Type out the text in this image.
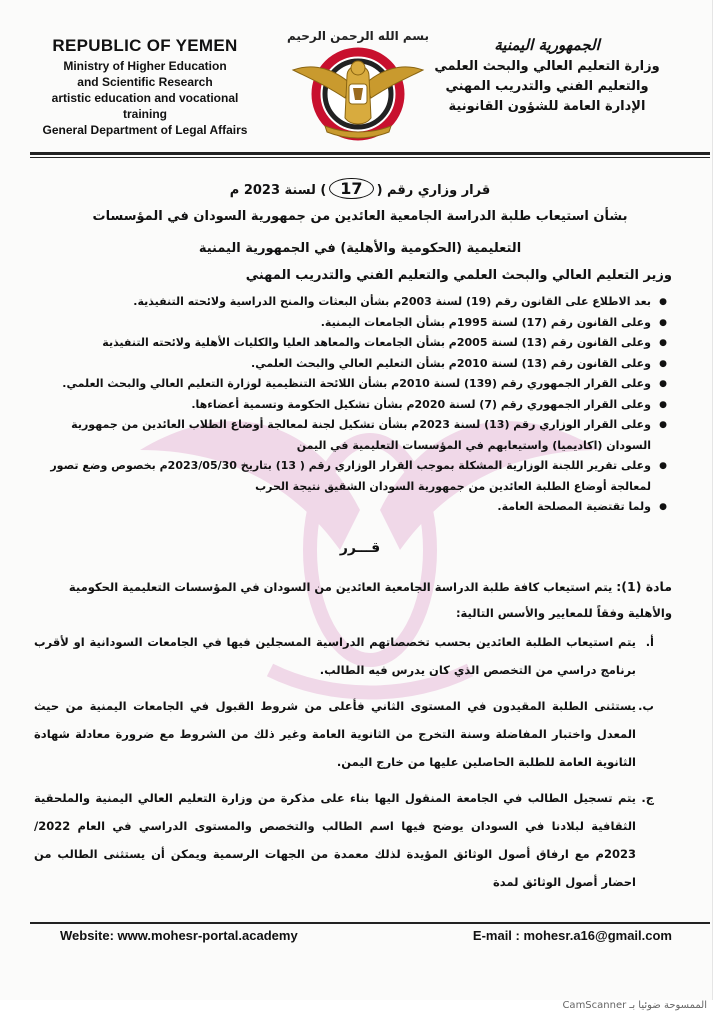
REPUBLIC OF YEMEN
Ministry of Higher Education
and Scientific Research
artistic education and vocational training
General Department of Legal Affairs
بسم الله الرحمن الرحيم	الجمهورية اليمنية
وزارة التعليم العالي والبحث العلمي
والتعليم الفني والتدريب المهني
الإدارة العامة للشؤون القانونية
قرار وزاري رقم (17) لسنة 2023 م
بشأن استيعاب طلبة الدراسة الجامعية العائدين من جمهورية السودان في المؤسسات
التعليمية (الحكومية والأهلية) في الجمهورية اليمنية
وزير التعليم العالي والبحث العلمي والتعليم الفني والتدريب المهني
● بعد الاطلاع على القانون رقم (19) لسنة 2003م بشأن البعثات والمنح الدراسية ولائحته التنفيذية.
● وعلى القانون رقم (17) لسنة 1995م بشأن الجامعات اليمنية.
● وعلى القانون رقم (13) لسنة 2005م بشأن الجامعات والمعاهد العليا والكليات الأهلية ولائحته التنفيذية
● وعلى القانون رقم (13) لسنة 2010م بشأن التعليم العالي والبحث العلمي.
● وعلى القرار الجمهوري رقم (139) لسنة 2010م بشأن اللائحة التنظيمية لوزارة التعليم العالي والبحث العلمي.
● وعلى القرار الجمهوري رقم (7) لسنة 2020م بشأن تشكيل الحكومة وتسمية أعضاءها.
● وعلى القرار الوزاري رقم (13) لسنة 2023م بشأن تشكيل لجنة لمعالجة أوضاع الطلاب العائدين من جمهورية السودان (اكاديميا) واستيعابهم في المؤسسات التعليمية في اليمن
● وعلى تقرير اللجنة الوزارية المشكلة بموجب القرار الوزاري رقم ( 13) بتاريخ 2023/05/30م بخصوص وضع تصور لمعالجة أوضاع الطلبة العائدين من جمهورية السودان الشقيق نتيجة الحرب
● ولما تقتضية المصلحة العامة.
قـــرر
مادة (1): يتم استيعاب كافة طلبة الدراسة الجامعية العائدين من السودان في المؤسسات التعليمية الحكومية والأهلية وفقاً للمعايير والأسس التالية:
أ.
يتم استيعاب الطلبة العائدين بحسب تخصصاتهم الدراسية المسجلين فيها في الجامعات السودانية او لأقرب برنامج دراسي من التخصص الذي كان يدرس فيه الطالب.
ب.
يستثنى الطلبة المقيدون في المستوى الثاني فأعلى من شروط القبول في الجامعات اليمنية من حيث المعدل واختبار المفاضلة وسنة التخرج من الثانوية العامة وغير ذلك من الشروط مع ضرورة معادلة شهادة الثانوية العامة للطلبة الحاصلين عليها من خارج اليمن.
ج.
يتم تسجيل الطالب في الجامعة المنقول اليها بناء على مذكرة من وزارة التعليم العالي اليمنية والملحقية الثقافية لبلادنا في السودان يوضح فيها اسم الطالب والتخصص والمستوى الدراسي في العام 2022/ 2023م مع ارفاق أصول الوثائق المؤيدة لذلك معمدة من الجهات الرسمية ويمكن أن يستثنى الطالب من احضار أصول الوثائق لمدة
Website: www.mohesr-portal.academy	E-mail : mohesr.a16@gmail.com
الممسوحة ضوئيا بـ CamScanner
